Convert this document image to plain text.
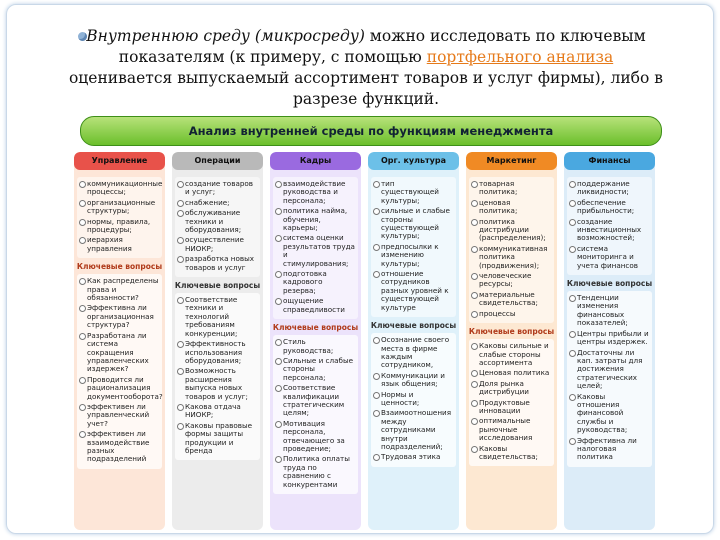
Внутреннюю среду (микросреду) можно исследовать по ключевым показателям (к примеру, с помощью портфельного анализа оценивается выпускаемый ассортимент товаров и услуг фирмы), либо в разрезе функций.
Анализ внутренней среды по функциям менеджмента
Управление
коммуникационные процессы;
организационные структуры;
нормы, правила, процедуры;
иерархия управления
Ключевые вопросы
Как распределены права и обязанности?
Эффективна ли организационная структура?
Разработана ли система сокращения управленческих издержек?
Проводится ли рационализация документооборота?
эффективен ли управленческий учет?
эффективен ли взаимодействие разных подразделений
Операции
создание товаров и услуг;
снабжение;
обслуживание техники и оборудования;
осуществление НИОКР;
разработка новых товаров и услуг
Ключевые вопросы
Соответствие техники и технологий требованиям конкуренции;
Эффективность использования оборудования;
Возможность расширения выпуска новых товаров и услуг;
Какова отдача НИОКР;
Каковы правовые формы защиты продукции и бренда
Кадры
взаимодействие руководства и персонала;
политика найма, обучения, карьеры;
система оценки результатов труда и стимулирования;
подготовка кадрового резерва;
ощущение справедливости
Ключевые вопросы
Стиль руководства;
Сильные и слабые стороны персонала;
Соответствие квалификации стратегическим целям;
Мотивация персонала, отвечающего за проведение;
Политика оплаты труда по сравнению с конкурентами
Орг. культура
тип существующей культуры;
сильные и слабые стороны существующей культуры;
предпосылки к изменению культуры;
отношение сотрудников разных уровней к существующей культуре
Ключевые вопросы
Осознание своего места в фирме каждым сотрудником,
Коммуникации и язык общения;
Нормы и ценности;
Взаимоотношения между сотрудниками внутри подразделений;
Трудовая этика
Маркетинг
товарная политика;
ценовая политика;
политика дистрибуции (распределения);
коммуникативная политика (продвижения);
человеческие ресурсы;
материальные свидетельства;
процессы
Ключевые вопросы
Каковы сильные и слабые стороны ассортимента
Ценовая политика
Доля рынка дистрибуции
Продуктовые инновации
оптимальные рыночные исследования
Каковы свидетельства;
Финансы
поддержание ликвидности;
обеспечение прибыльности;
создание инвестиционных возможностей;
система мониторинга и учета финансов
Ключевые вопросы
Тенденции изменения финансовых показателей;
Центры прибыли и центры издержек.
Достаточны ли кап. затраты для достижения стратегических целей;
Каковы отношения финансовой службы и руководства;
Эффективна ли налоговая политика
